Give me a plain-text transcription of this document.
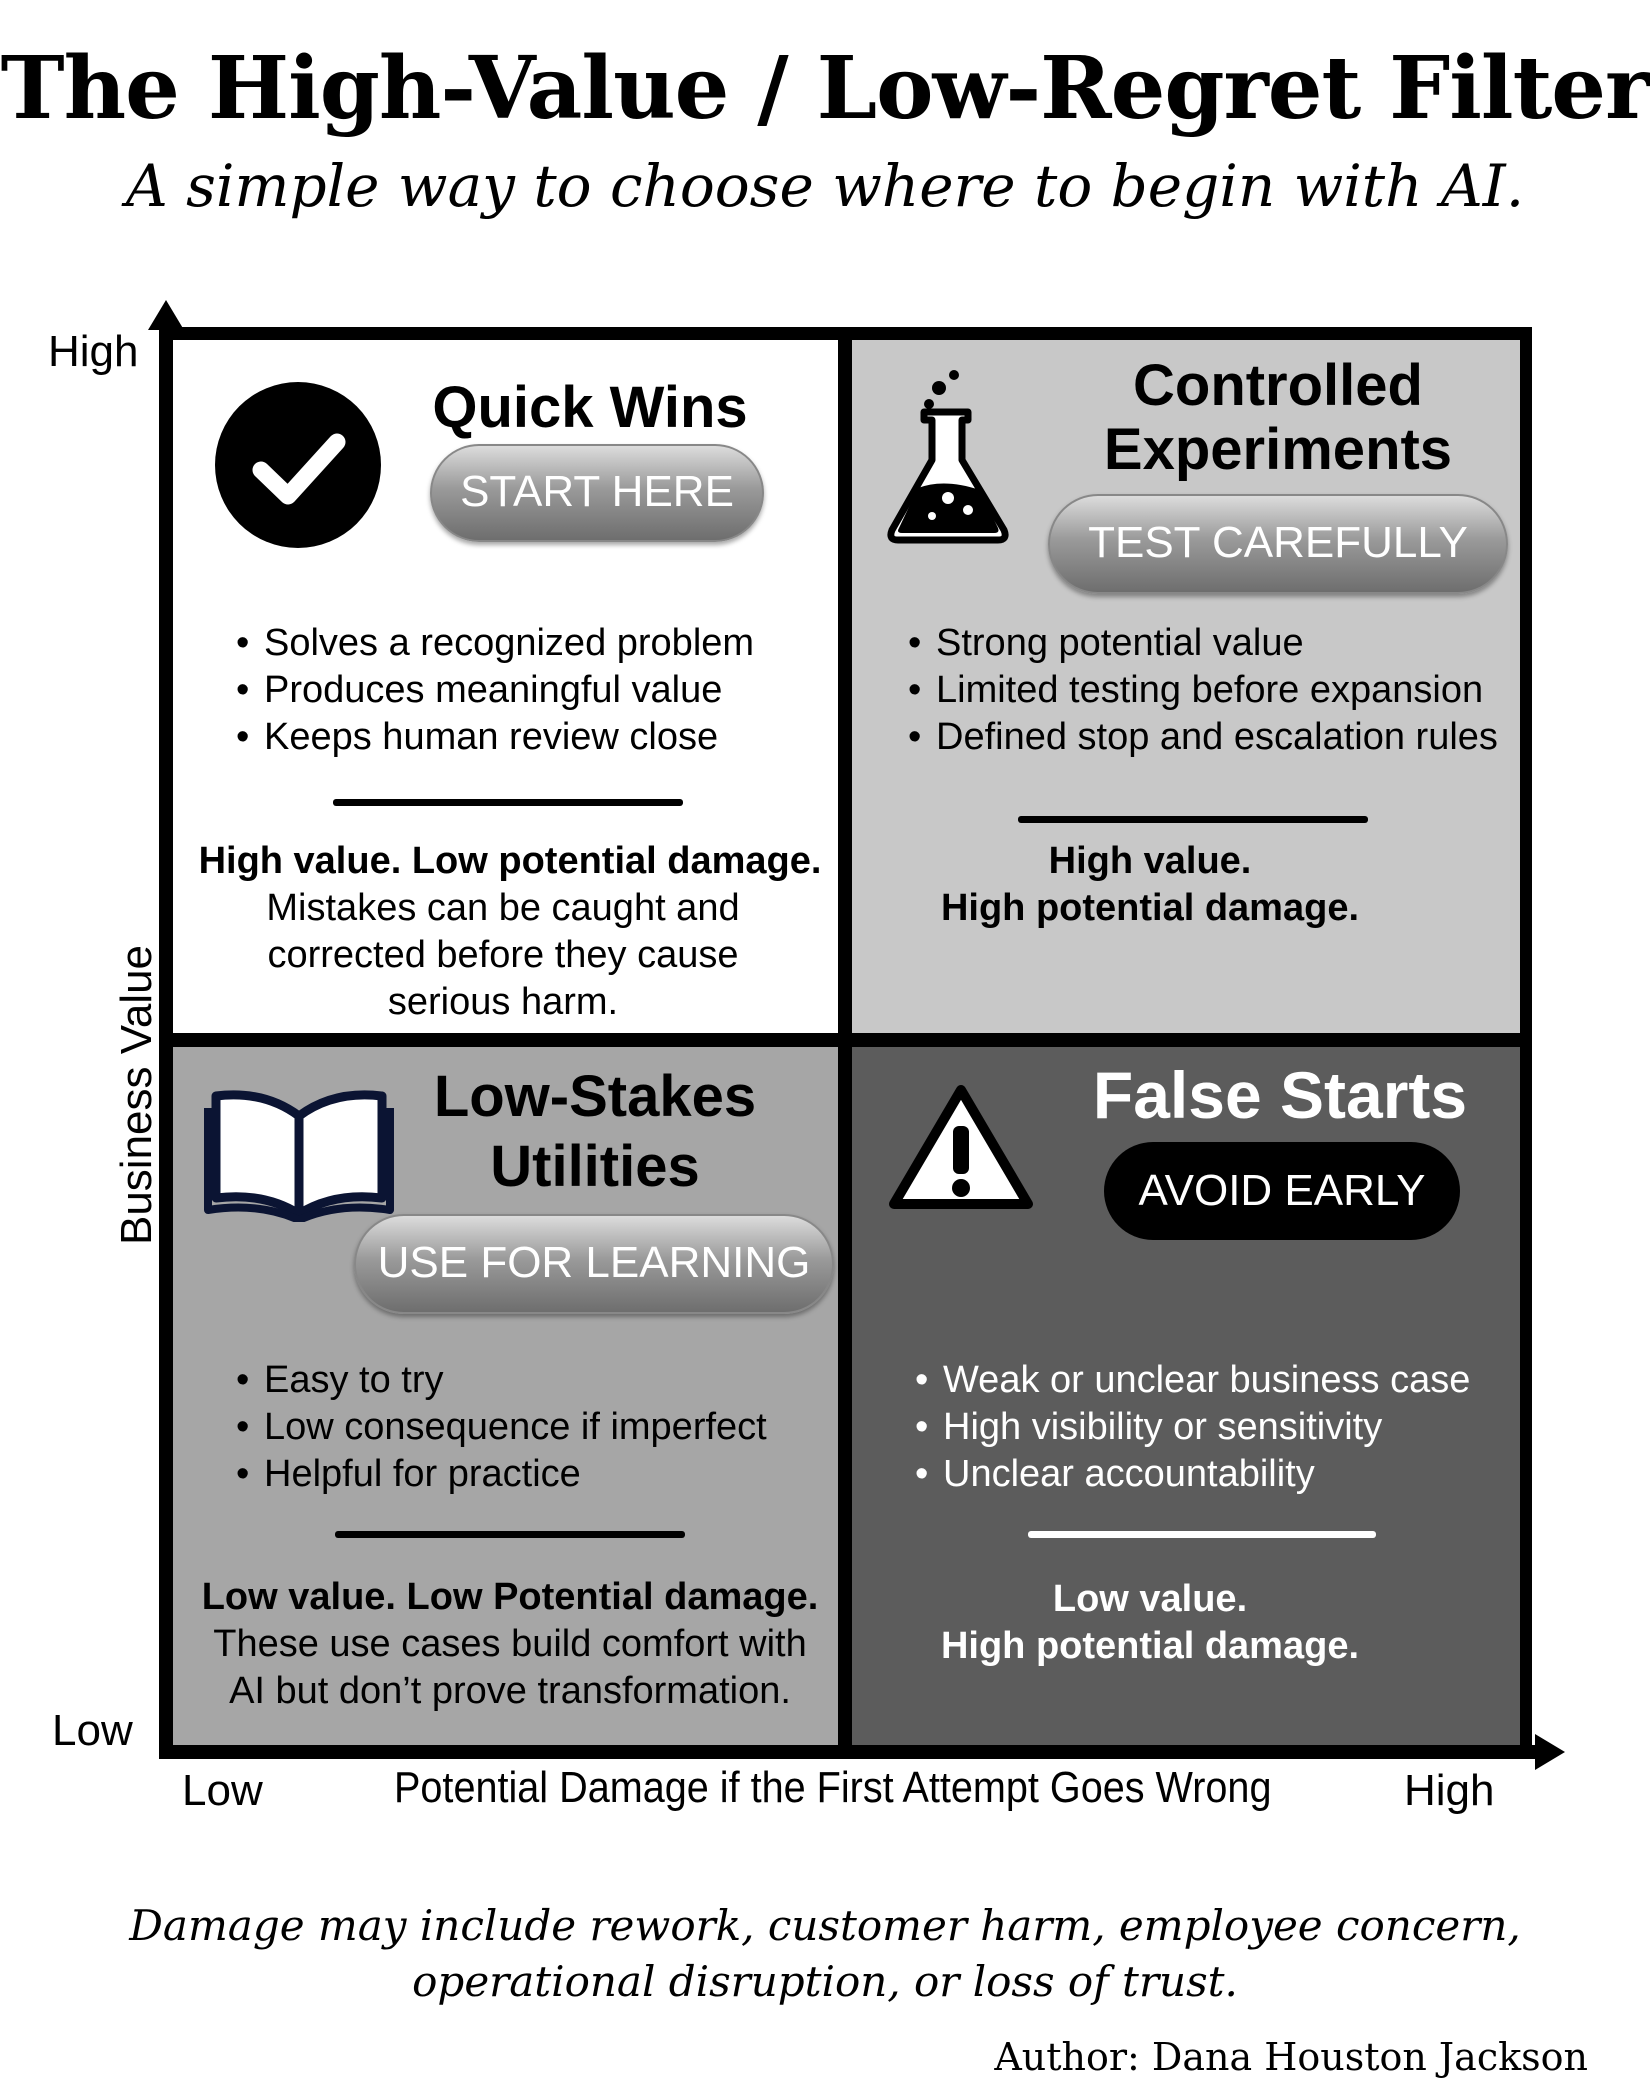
The High-Value / Low-Regret Filter
A simple way to choose where to begin with AI.
High
Low
Business Value
Low	High
Potential Damage if the First Attempt Goes Wrong
Quick Wins
START HERE
• Solves a recognized problem
• Produces meaningful value
• Keeps human review close
High value. Low potential damage.
Mistakes can be caught and
corrected before they cause
serious harm.
Controlled
Experiments
TEST CAREFULLY
• Strong potential value
• Limited testing before expansion
• Defined stop and escalation rules
High value.
High potential damage.
Low-Stakes
Utilities
USE FOR LEARNING
• Easy to try
• Low consequence if imperfect
• Helpful for practice
Low value. Low Potential damage.
These use cases build comfort with
AI but don’t prove transformation.
False Starts
AVOID EARLY
• Weak or unclear business case
• High visibility or sensitivity
• Unclear accountability
Low value.
High potential damage.
Damage may include rework, customer harm, employee concern,
operational disruption, or loss of trust.
Author: Dana Houston Jackson
